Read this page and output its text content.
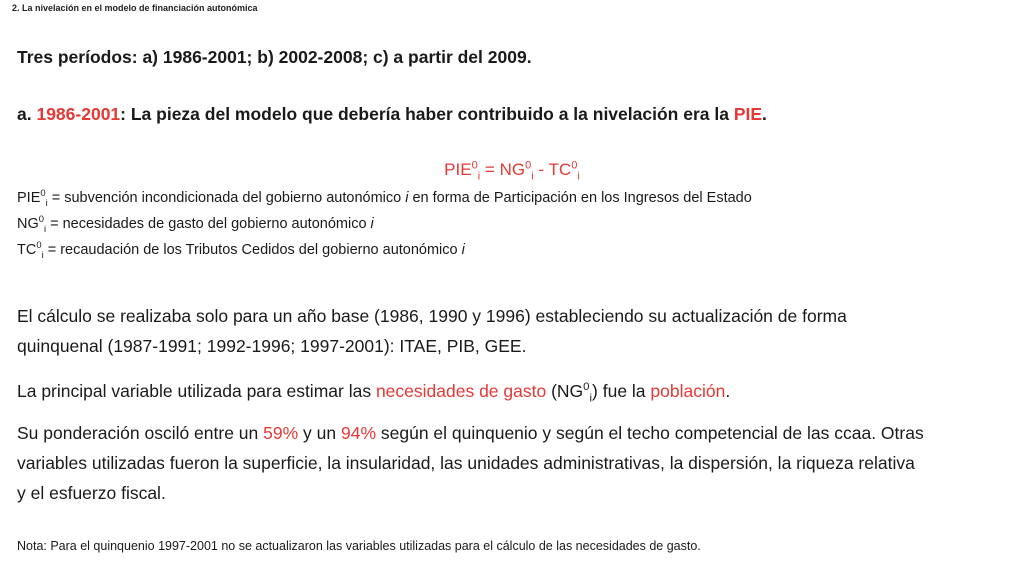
2. La nivelación en el modelo de financiación autonómica
Tres períodos: a) 1986-2001; b) 2002-2008; c) a partir del 2009.
a. 1986-2001: La pieza del modelo que debería haber contribuido a la nivelación era la PIE.
$PIE^0_i = NG^0_i - TC^0_i$
$PIE^0_i$ = subvención incondicionada del gobierno autonómico i en forma de Participación en los Ingresos del Estado
$NG^0_i$ = necesidades de gasto del gobierno autonómico i
$TC^0_i$ = recaudación de los Tributos Cedidos del gobierno autonómico i
El cálculo se realizaba solo para un año base (1986, 1990 y 1996) estableciendo su actualización de forma
quinquenal (1987-1991; 1992-1996; 1997-2001): ITAE, PIB, GEE.
La principal variable utilizada para estimar las necesidades de gasto $(NG^0_i)$ fue la población.
Su ponderación osciló entre un 59% y un 94% según el quinquenio y según el techo competencial de las ccaa. Otras
variables utilizadas fueron la superficie, la insularidad, las unidades administrativas, la dispersión, la riqueza relativa
y el esfuerzo fiscal.
Nota: Para el quinquenio 1997-2001 no se actualizaron las variables utilizadas para el cálculo de las necesidades de gasto.
